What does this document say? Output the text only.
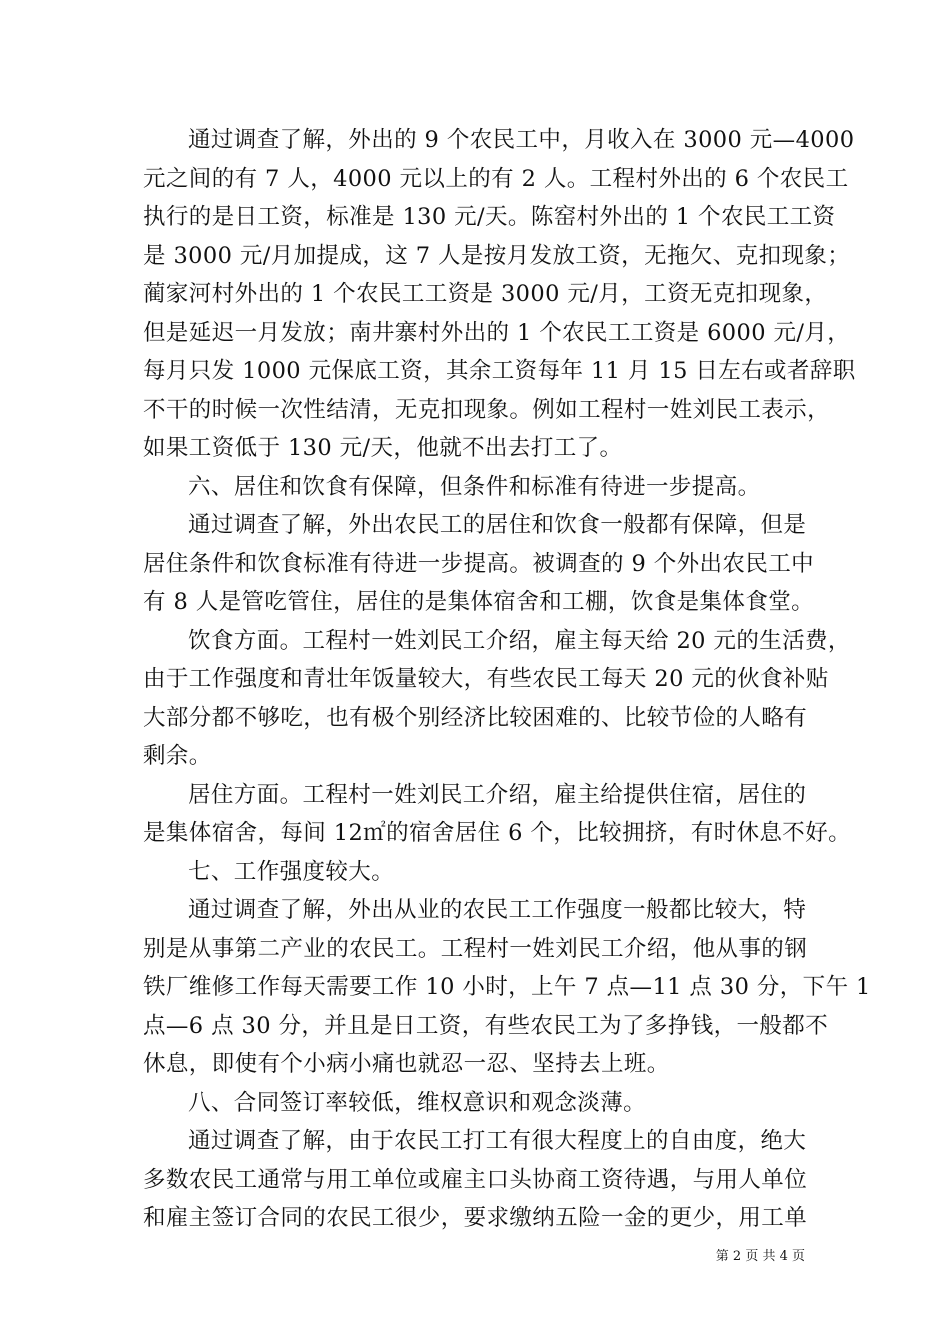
通过调查了解，外出的 9 个农民工中，月收入在 3000 元—4000
元之间的有 7 人，4000 元以上的有 2 人。工程村外出的 6 个农民工
执行的是日工资，标准是 130 元/天。陈窑村外出的 1 个农民工工资
是 3000 元/月加提成，这 7 人是按月发放工资，无拖欠、克扣现象；
蔺家河村外出的 1 个农民工工资是 3000 元/月，工资无克扣现象，
但是延迟一月发放；南井寨村外出的 1 个农民工工资是 6000 元/月，
每月只发 1000 元保底工资，其余工资每年 11 月 15 日左右或者辞职
不干的时候一次性结清，无克扣现象。例如工程村一姓刘民工表示，
如果工资低于 130 元/天，他就不出去打工了。
六、居住和饮食有保障，但条件和标准有待进一步提高。
通过调查了解，外出农民工的居住和饮食一般都有保障，但是
居住条件和饮食标准有待进一步提高。被调查的 9 个外出农民工中
有 8 人是管吃管住，居住的是集体宿舍和工棚，饮食是集体食堂。
饮食方面。工程村一姓刘民工介绍，雇主每天给 20 元的生活费，
由于工作强度和青壮年饭量较大，有些农民工每天 20 元的伙食补贴
大部分都不够吃，也有极个别经济比较困难的、比较节俭的人略有
剩余。
居住方面。工程村一姓刘民工介绍，雇主给提供住宿，居住的
是集体宿舍，每间 12㎡的宿舍居住 6 个，比较拥挤，有时休息不好。
七、工作强度较大。
通过调查了解，外出从业的农民工工作强度一般都比较大，特
别是从事第二产业的农民工。工程村一姓刘民工介绍，他从事的钢
铁厂维修工作每天需要工作 10 小时，上午 7 点—11 点 30 分，下午 1
点—6 点 30 分，并且是日工资，有些农民工为了多挣钱，一般都不
休息，即使有个小病小痛也就忍一忍、坚持去上班。
八、合同签订率较低，维权意识和观念淡薄。
通过调查了解，由于农民工打工有很大程度上的自由度，绝大
多数农民工通常与用工单位或雇主口头协商工资待遇，与用人单位
和雇主签订合同的农民工很少，要求缴纳五险一金的更少，用工单
第 2 页 共 4 页
